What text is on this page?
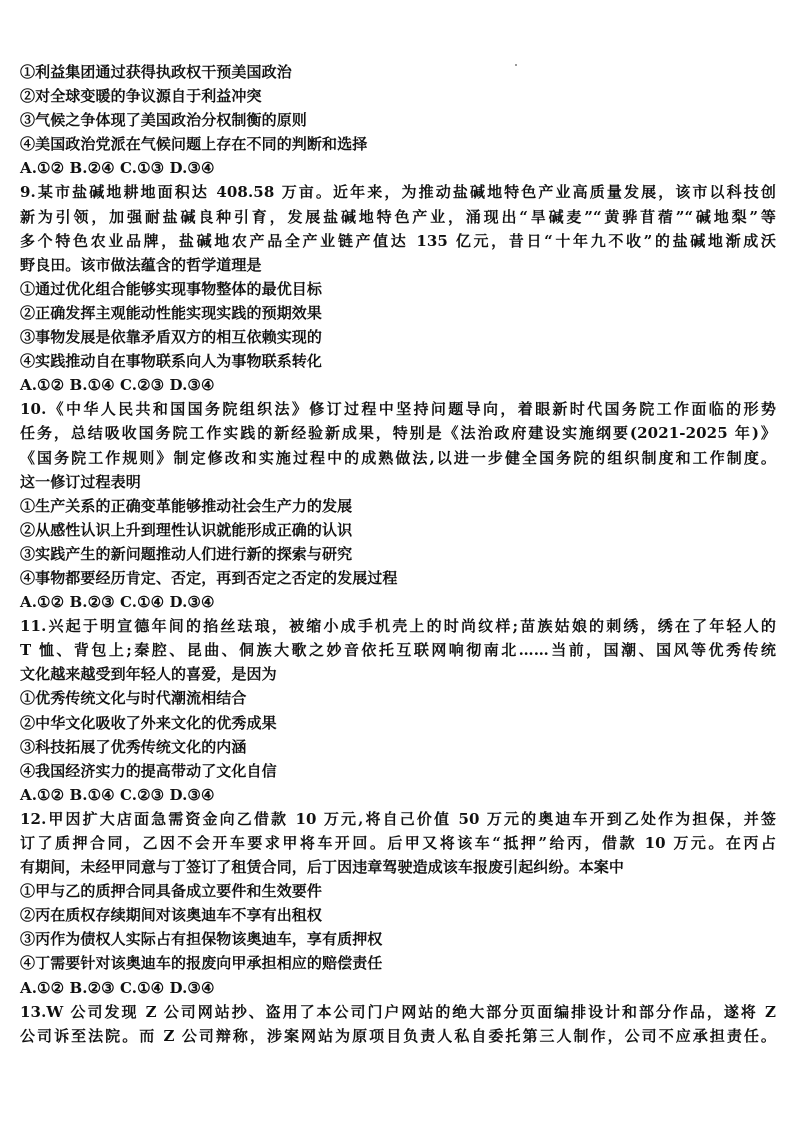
①利益集团通过获得执政权干预美国政治
②对全球变暖的争议源自于利益冲突
③气候之争体现了美国政治分权制衡的原则
④美国政治党派在气候问题上存在不同的判断和选择
A.①② B.②④ C.①③ D.③④
9.某市盐碱地耕地面积达 408.58 万亩。近年来，为推动盐碱地特色产业高质量发展，该市以科技创
新为引领，加强耐盐碱良种引育，发展盐碱地特色产业，涌现出“旱碱麦”“黄骅苜蓿”“碱地梨”等
多个特色农业品牌，盐碱地农产品全产业链产值达 135 亿元，昔日“十年九不收”的盐碱地渐成沃
野良田。该市做法蕴含的哲学道理是
①通过优化组合能够实现事物整体的最优目标
②正确发挥主观能动性能实现实践的预期效果
③事物发展是依靠矛盾双方的相互依赖实现的
④实践推动自在事物联系向人为事物联系转化
A.①② B.①④ C.②③ D.③④
10.《中华人民共和国国务院组织法》修订过程中坚持问题导向，着眼新时代国务院工作面临的形势
任务，总结吸收国务院工作实践的新经验新成果，特别是《法治政府建设实施纲要(2021-2025 年)》
《国务院工作规则》制定修改和实施过程中的成熟做法,以进一步健全国务院的组织制度和工作制度。
这一修订过程表明
①生产关系的正确变革能够推动社会生产力的发展
②从感性认识上升到理性认识就能形成正确的认识
③实践产生的新问题推动人们进行新的探索与研究
④事物都要经历肯定、否定，再到否定之否定的发展过程
A.①② B.②③ C.①④ D.③④
11.兴起于明宣德年间的掐丝珐琅，被缩小成手机壳上的时尚纹样;苗族姑娘的刺绣，绣在了年轻人的
T 恤、背包上;秦腔、昆曲、侗族大歌之妙音依托互联网响彻南北……当前，国潮、国风等优秀传统
文化越来越受到年轻人的喜爱，是因为
①优秀传统文化与时代潮流相结合
②中华文化吸收了外来文化的优秀成果
③科技拓展了优秀传统文化的内涵
④我国经济实力的提高带动了文化自信
A.①② B.①④ C.②③ D.③④
12.甲因扩大店面急需资金向乙借款 10 万元,将自己价值 50 万元的奥迪车开到乙处作为担保，并签
订了质押合同，乙因不会开车要求甲将车开回。后甲又将该车“抵押”给丙，借款 10 万元。在丙占
有期间，未经甲同意与丁签订了租赁合同，后丁因违章驾驶造成该车报废引起纠纷。本案中
①甲与乙的质押合同具备成立要件和生效要件
②丙在质权存续期间对该奥迪车不享有出租权
③丙作为债权人实际占有担保物该奥迪车，享有质押权
④丁需要针对该奥迪车的报废向甲承担相应的赔偿责任
A.①② B.②③ C.①④ D.③④
13.W 公司发现 Z 公司网站抄、盗用了本公司门户网站的绝大部分页面编排设计和部分作品，遂将 Z
公司诉至法院。而 Z 公司辩称，涉案网站为原项目负责人私自委托第三人制作，公司不应承担责任。
